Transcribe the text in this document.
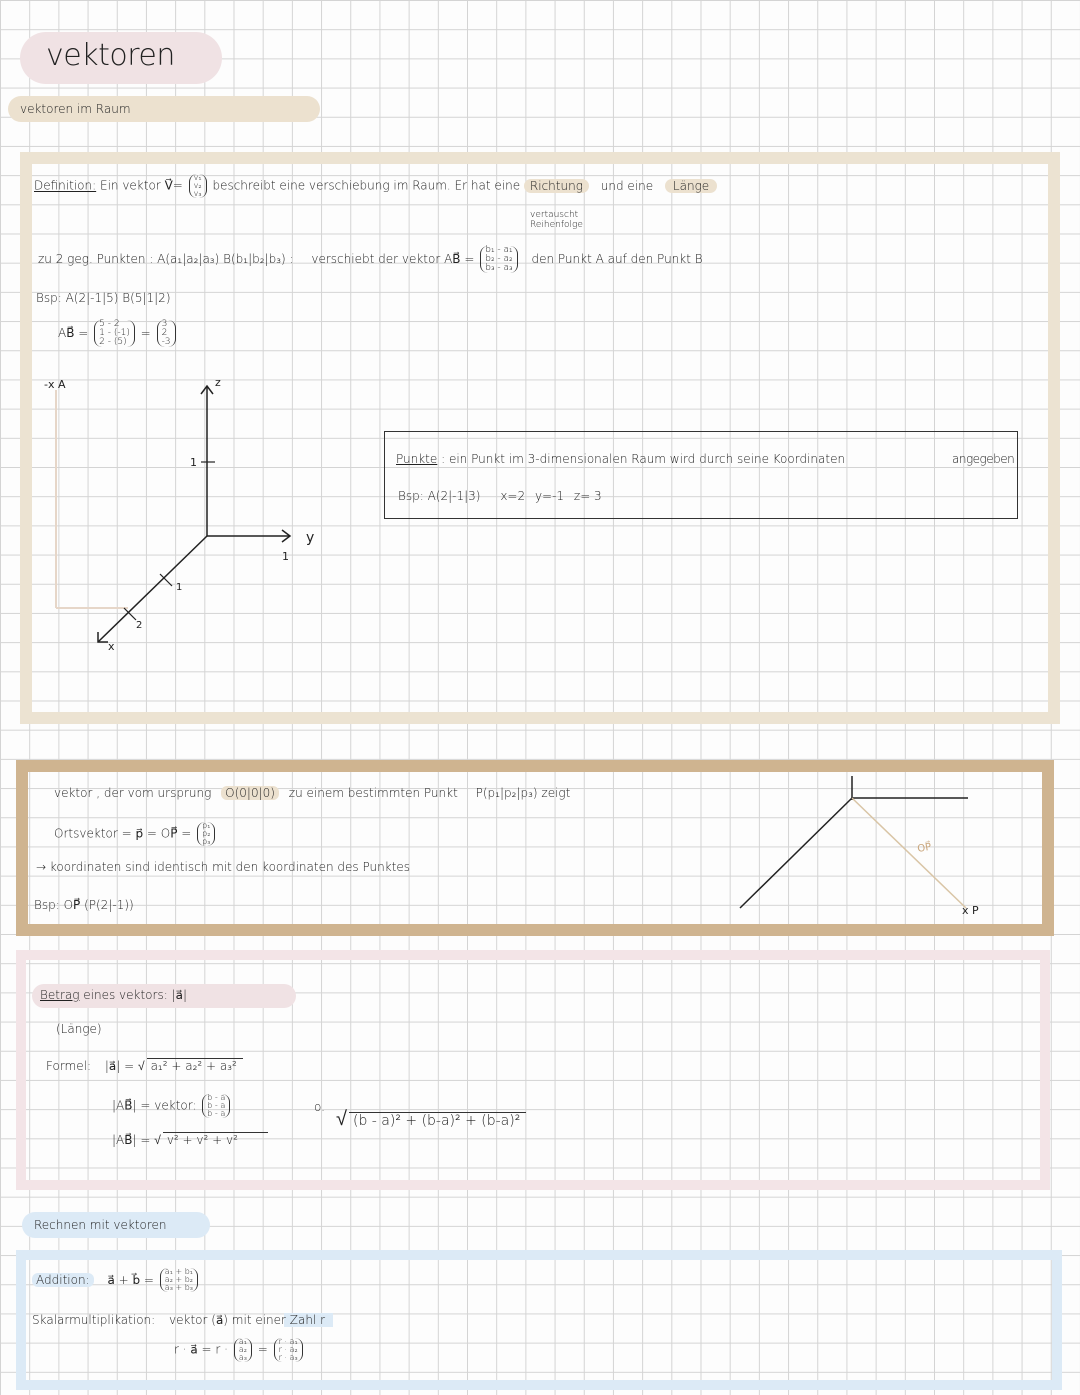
vektoren
vektoren im Raum
Definition: Ein vektor V⃗=
v₁
v₂
v₃
beschreibt eine verschiebung im Raum. Er hat eine Richtung und eine Länge
vertauscht
Reihenfolge
zu 2 geg. Punkten : A(a₁|a₂|a₃) B(b₁|b₂|b₃) : verschiebt der vektor AB⃗ =
b₁ - a₁
b₂ - a₂
b₃ - a₃
den Punkt A auf den Punkt B
Bsp: A(2|-1|5) B(5|1|2)
AB⃗ =
5 - 2
1 - (-1)
2 - (5)
=
3
2
-3
z
y
x
1
1
1
2
-x A
Punkte : ein Punkt im 3-dimensionalen Raum wird durch seine Koordinaten	angegeben
Bsp: A(2|-1|3) x=2 y=-1 z= 3
vektor , der vom ursprung O(0|0|0) zu einem bestimmten Punkt P(p₁|p₂|p₃) zeigt
Ortsvektor = p⃗ = OP⃗ =
p₁
p₂
p₃
→ koordinaten sind identisch mit den koordinaten des Punktes
Bsp: OP⃗ (P(2|-1))
OP⃗
x P
Betrag eines vektors: |a⃗|
(Länge)
Formel: |a⃗| = √ a₁² + a₂² + a₃²
|AB⃗| = vektor:
b - a
b - a
b - a
|AB⃗| = √ v² + v² + v²
o. √ (b - a)² + (b-a)² + (b-a)²
Rechnen mit vektoren
Addition: a⃗ + b⃗ =
a₁ + b₁
a₂ + b₂
a₃ + b₃
Skalarmultiplikation: vektor (a⃗) mit einer Zahl r
r · a⃗ = r ·
a₁
a₂
a₃
=
r · a₁
r · a₂
r · a₃
